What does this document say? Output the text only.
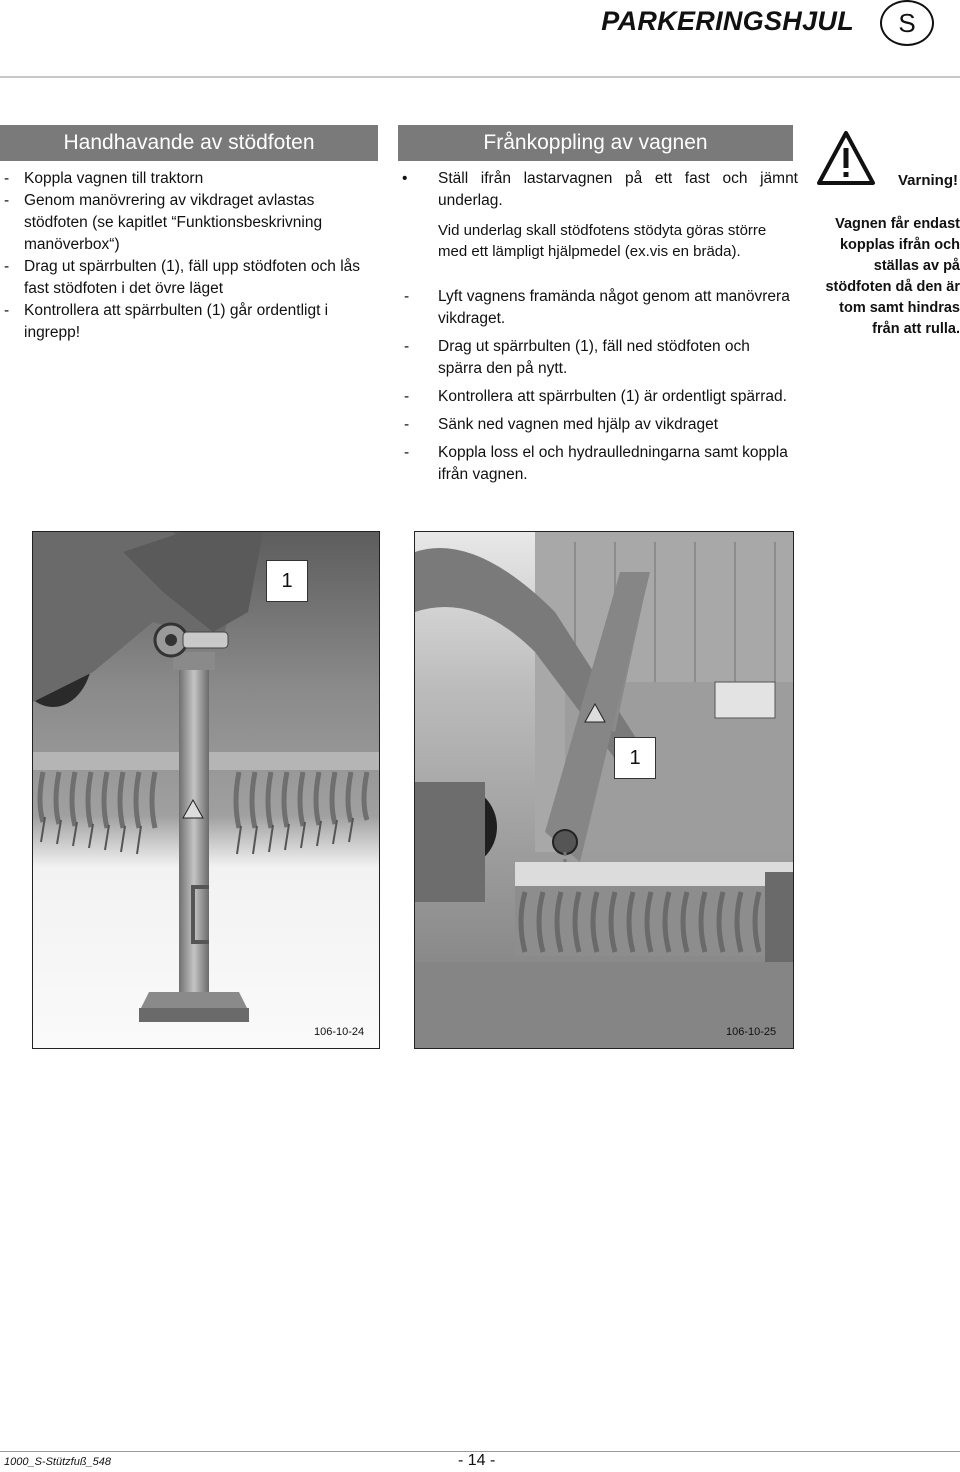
PARKERINGSHJUL	S
Handhavande av stödfoten
- Koppla vagnen till traktorn
- Genom manövrering av vikdraget avlastas stödfoten (se kapitlet “Funktionsbeskrivning manöverbox“)
- Drag ut spärrbulten (1), fäll upp stödfoten och lås fast stödfoten i det övre läget
- Kontrollera att spärrbulten (1) går ordentligt i ingrepp!
Frånkoppling av vagnen
• Ställ ifrån lastarvagnen på ett fast och jämnt underlag.
Vid underlag skall stödfotens stödyta göras större med ett lämpligt hjälpmedel (ex.vis en bräda).
- Lyft vagnens framända något genom att manövrera vikdraget.
- Drag ut spärrbulten (1), fäll ned stödfoten och spärra den på nytt.
- Kontrollera att spärrbulten (1) är ordentligt spärrad.
- Sänk ned vagnen med hjälp av vikdraget
- Koppla loss el och hydraulledningarna samt koppla ifrån vagnen.
Varning!
Vagnen får endast kopplas ifrån och ställas av på stödfoten då den är tom samt hindras från att rulla.
1
106-10-24
1
106-10-25
1000_S-Stützfuß_548	- 14 -
